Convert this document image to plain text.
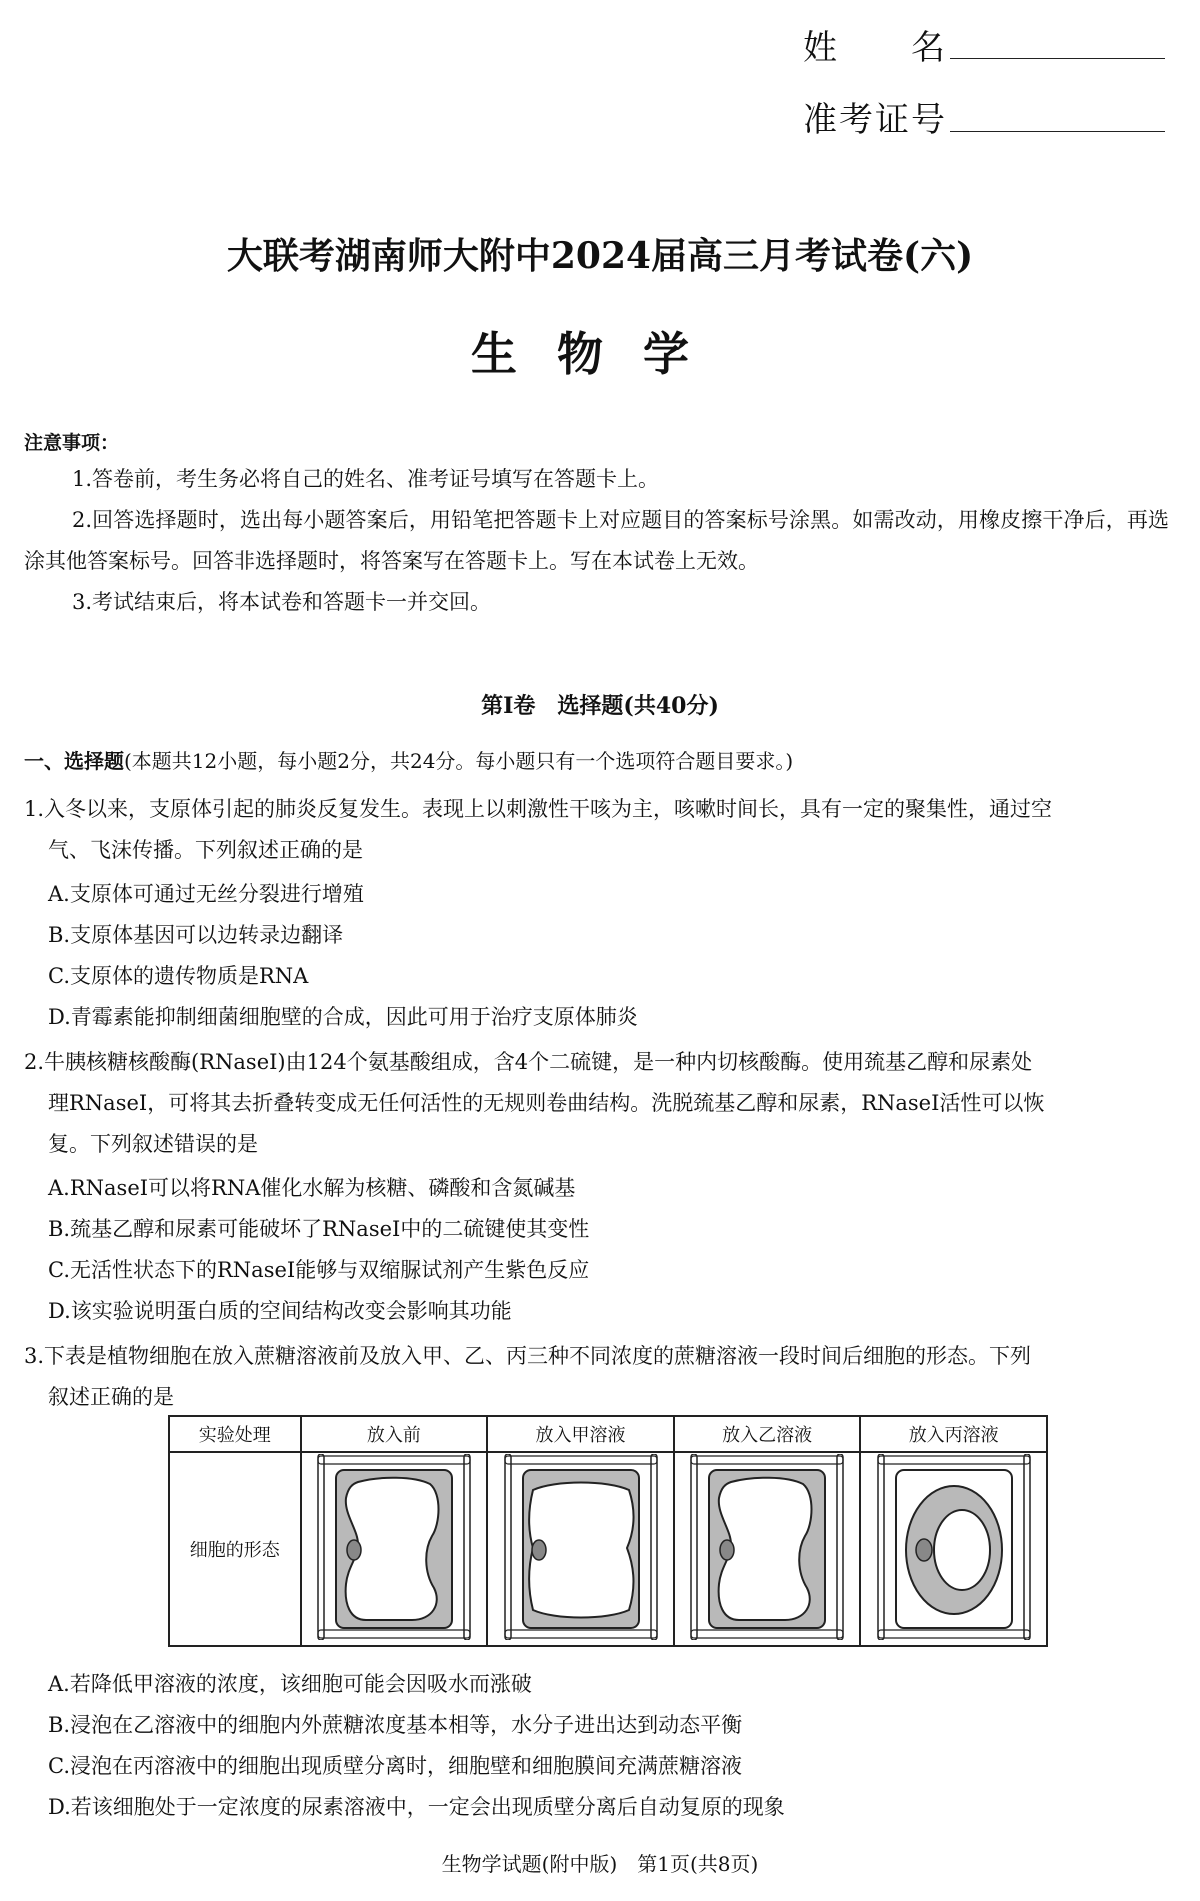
姓　　名
准考证号
大联考湖南师大附中2024届高三月考试卷(六)
生物学
注意事项：
1.答卷前，考生务必将自己的姓名、准考证号填写在答题卡上。
2.回答选择题时，选出每小题答案后，用铅笔把答题卡上对应题目的答案标号涂黑。如需改动，用橡皮擦干净后，再选涂其他答案标号。回答非选择题时，将答案写在答题卡上。写在本试卷上无效。
3.考试结束后，将本试卷和答题卡一并交回。
第Ⅰ卷　选择题(共40分)
一、选择题(本题共12小题，每小题2分，共24分。每小题只有一个选项符合题目要求。)
1.入冬以来，支原体引起的肺炎反复发生。表现上以刺激性干咳为主，咳嗽时间长，具有一定的聚集性，通过空
气、飞沫传播。下列叙述正确的是
A.支原体可通过无丝分裂进行增殖
B.支原体基因可以边转录边翻译
C.支原体的遗传物质是RNA
D.青霉素能抑制细菌细胞壁的合成，因此可用于治疗支原体肺炎
2.牛胰核糖核酸酶(RNaseI)由124个氨基酸组成，含4个二硫键，是一种内切核酸酶。使用巯基乙醇和尿素处
理RNaseI，可将其去折叠转变成无任何活性的无规则卷曲结构。洗脱巯基乙醇和尿素，RNaseI活性可以恢
复。下列叙述错误的是
A.RNaseI可以将RNA催化水解为核糖、磷酸和含氮碱基
B.巯基乙醇和尿素可能破坏了RNaseI中的二硫键使其变性
C.无活性状态下的RNaseI能够与双缩脲试剂产生紫色反应
D.该实验说明蛋白质的空间结构改变会影响其功能
3.下表是植物细胞在放入蔗糖溶液前及放入甲、乙、丙三种不同浓度的蔗糖溶液一段时间后细胞的形态。下列
叙述正确的是
实验处理	放入前	放入甲溶液	放入乙溶液	放入丙溶液
细胞的形态				
A.若降低甲溶液的浓度，该细胞可能会因吸水而涨破
B.浸泡在乙溶液中的细胞内外蔗糖浓度基本相等，水分子进出达到动态平衡
C.浸泡在丙溶液中的细胞出现质壁分离时，细胞壁和细胞膜间充满蔗糖溶液
D.若该细胞处于一定浓度的尿素溶液中，一定会出现质壁分离后自动复原的现象
生物学试题(附中版)　第1页(共8页)
